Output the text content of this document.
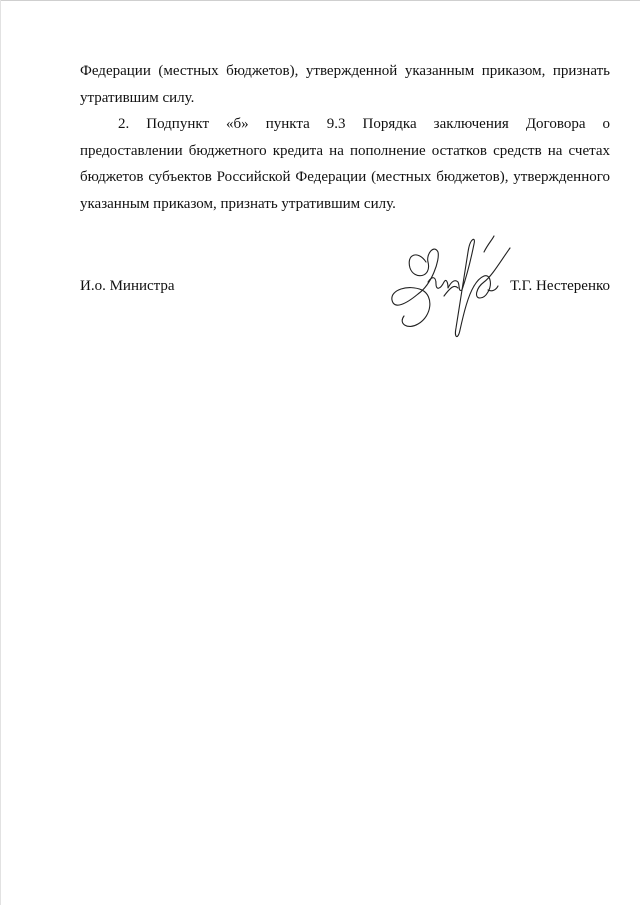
Федерации (местных бюджетов), утвержденной указанным приказом, признать утратившим силу.

2. Подпункт «б» пункта 9.3 Порядка заключения Договора о предоставлении бюджетного кредита на пополнение остатков средств на счетах бюджетов субъектов Российской Федерации (местных бюджетов), утвержденного указанным приказом, признать утратившим силу.

И.о. Министра	Т.Г. Нестеренко
